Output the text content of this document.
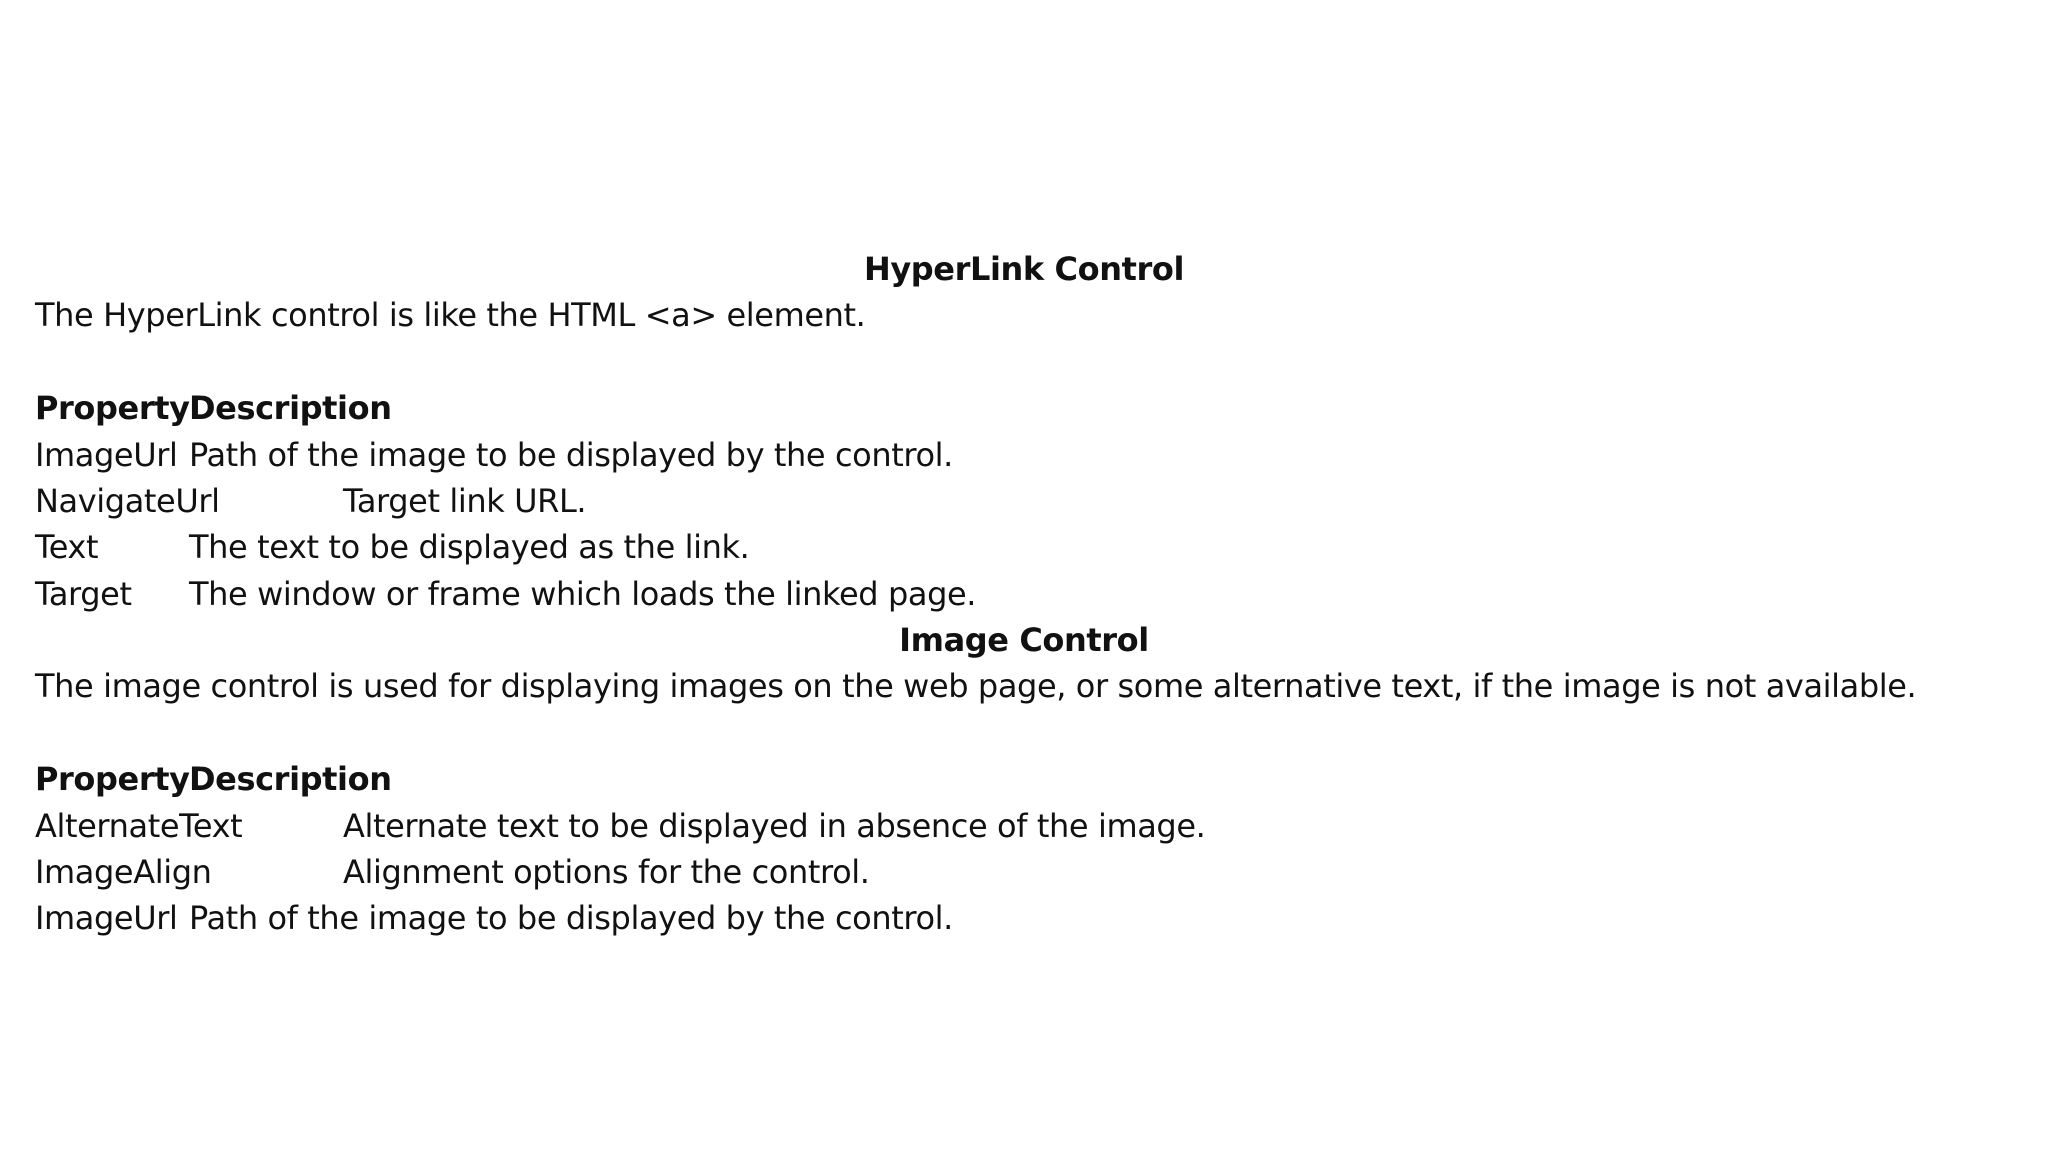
HyperLink Control
The HyperLink control is like the HTML <a> element.
Property Description
ImageUrl Path of the image to be displayed by the control.
NavigateUrl	Target link URL.
Text	The text to be displayed as the link.
Target The window or frame which loads the linked page.
Image Control
The image control is used for displaying images on the web page, or some alternative text, if the image is not available.
Property Description
AlternateText	Alternate text to be displayed in absence of the image.
ImageAlign	Alignment options for the control.
ImageUrl Path of the image to be displayed by the control.
